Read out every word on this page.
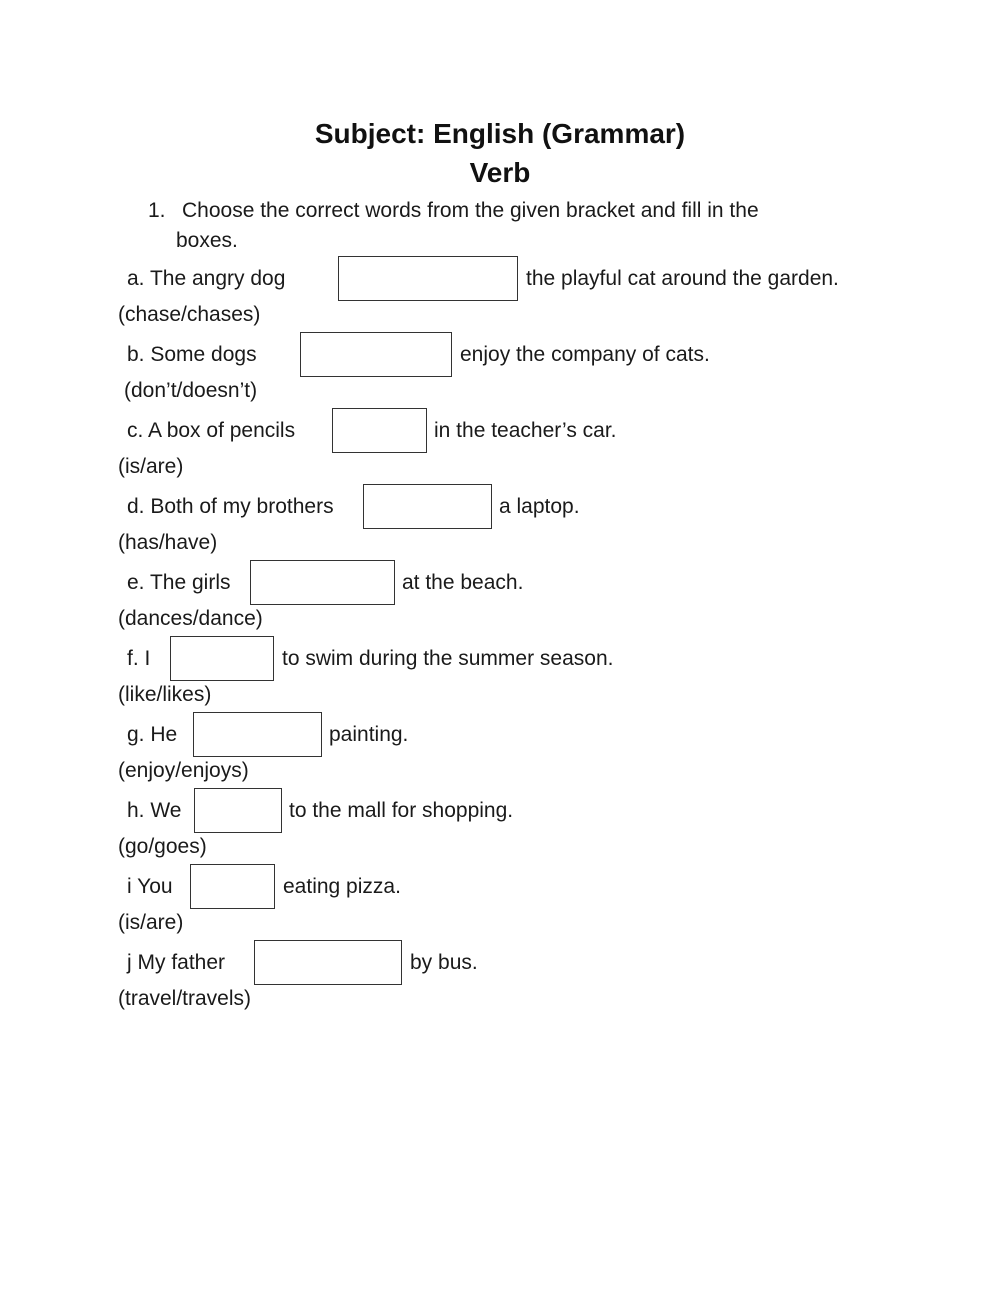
Subject: English (Grammar)
Verb
1. Choose the correct words from the given bracket and fill in the
boxes.
a. The angry dog	the playful cat around the garden.
(chase/chases)
b. Some dogs	enjoy the company of cats.
(don’t/doesn’t)
c. A box of pencils	in the teacher’s car.
(is/are)
d. Both of my brothers	a laptop.
(has/have)
e. The girls	at the beach.
(dances/dance)
f. I	to swim during the summer season.
(like/likes)
g. He	painting.
(enjoy/enjoys)
h. We	to the mall for shopping.
(go/goes)
i You	eating pizza.
(is/are)
j My father	by bus.
(travel/travels)
